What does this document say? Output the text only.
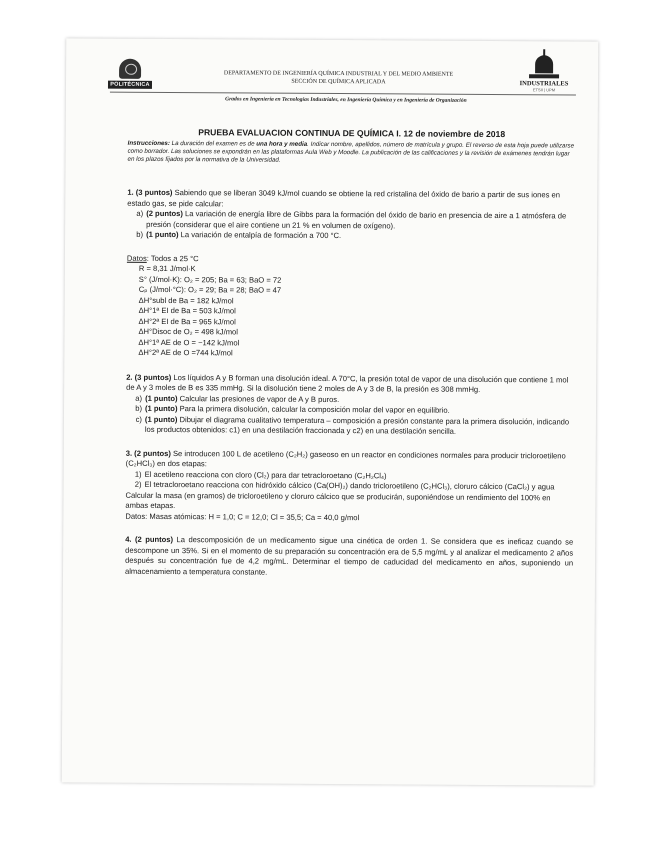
POLITÉCNICA
DEPARTAMENTO DE INGENIERÍA QUÍMICA INDUSTRIAL Y DEL MEDIO AMBIENTE
SECCIÓN DE QUÍMICA APLICADA	INDUSTRIALES
ETSII | UPM
Grados en Ingeniería en Tecnologías Industriales, en Ingeniería Química y en Ingeniería de Organización
PRUEBA EVALUACION CONTINUA DE QUÍMICA I. 12 de noviembre de 2018
Instrucciones: La duración del examen es de una hora y media. Indicar nombre, apellidos, número de matrícula y grupo. El reverso de esta hoja puede utilizarse como borrador. Las soluciones se expondrán en las plataformas Aula Web y Moodle. La publicación de las calificaciones y la revisión de exámenes tendrán lugar en los plazos fijados por la normativa de la Universidad.

1. (3 puntos) Sabiendo que se liberan 3049 kJ/mol cuando se obtiene la red cristalina del óxido de bario a partir de sus iones en estado gas, se pide calcular:

a) (2 puntos) La variación de energía libre de Gibbs para la formación del óxido de bario en presencia de aire a 1 atmósfera de presión (considerar que el aire contiene un 21 % en volumen de oxígeno).
b) (1 punto) La variación de entalpía de formación a 700 °C.

Datos: Todos a 25 °C

R = 8,31 J/mol·K
S° (J/mol·K): O₂ = 205; Ba = 63; BaO = 72
Cₚ (J/mol·°C): O₂ = 29; Ba = 28; BaO = 47
ΔH°subl de Ba = 182 kJ/mol
ΔH°1ª EI de Ba = 503 kJ/mol
ΔH°2ª EI de Ba = 965 kJ/mol
ΔH°Disoc de O₂ = 498 kJ/mol
ΔH°1ª AE de O = −142 kJ/mol
ΔH°2ª AE de O =744 kJ/mol

2. (3 puntos) Los líquidos A y B forman una disolución ideal. A 70°C, la presión total de vapor de una disolución que contiene 1 mol de A y 3 moles de B es 335 mmHg. Si la disolución tiene 2 moles de A y 3 de B, la presión es 308 mmHg.

a) (1 punto) Calcular las presiones de vapor de A y B puros.
b) (1 punto) Para la primera disolución, calcular la composición molar del vapor en equilibrio.
c) (1 punto) Dibujar el diagrama cualitativo temperatura – composición a presión constante para la primera disolución, indicando los productos obtenidos: c1) en una destilación fraccionada y c2) en una destilación sencilla.

3. (2 puntos) Se introducen 100 L de acetileno (C₂H₂) gaseoso en un reactor en condiciones normales para producir tricloroetileno (C₂HCl₃) en dos etapas:

1) El acetileno reacciona con cloro (Cl₂) para dar tetracloroetano (C₂H₂Cl₄)
2) El tetracloroetano reacciona con hidróxido cálcico (Ca(OH)₂) dando tricloroetileno (C₂HCl₃), cloruro cálcico (CaCl₂) y agua

Calcular la masa (en gramos) de tricloroetileno y cloruro cálcico que se producirán, suponiéndose un rendimiento del 100% en ambas etapas.

Datos: Masas atómicas: H = 1,0; C = 12,0; Cl = 35,5; Ca = 40,0 g/mol

4. (2 puntos) La descomposición de un medicamento sigue una cinética de orden 1. Se considera que es ineficaz cuando se descompone un 35%. Si en el momento de su preparación su concentración era de 5,5 mg/mL y al analizar el medicamento 2 años después su concentración fue de 4,2 mg/mL. Determinar el tiempo de caducidad del medicamento en años, suponiendo un almacenamiento a temperatura constante.
